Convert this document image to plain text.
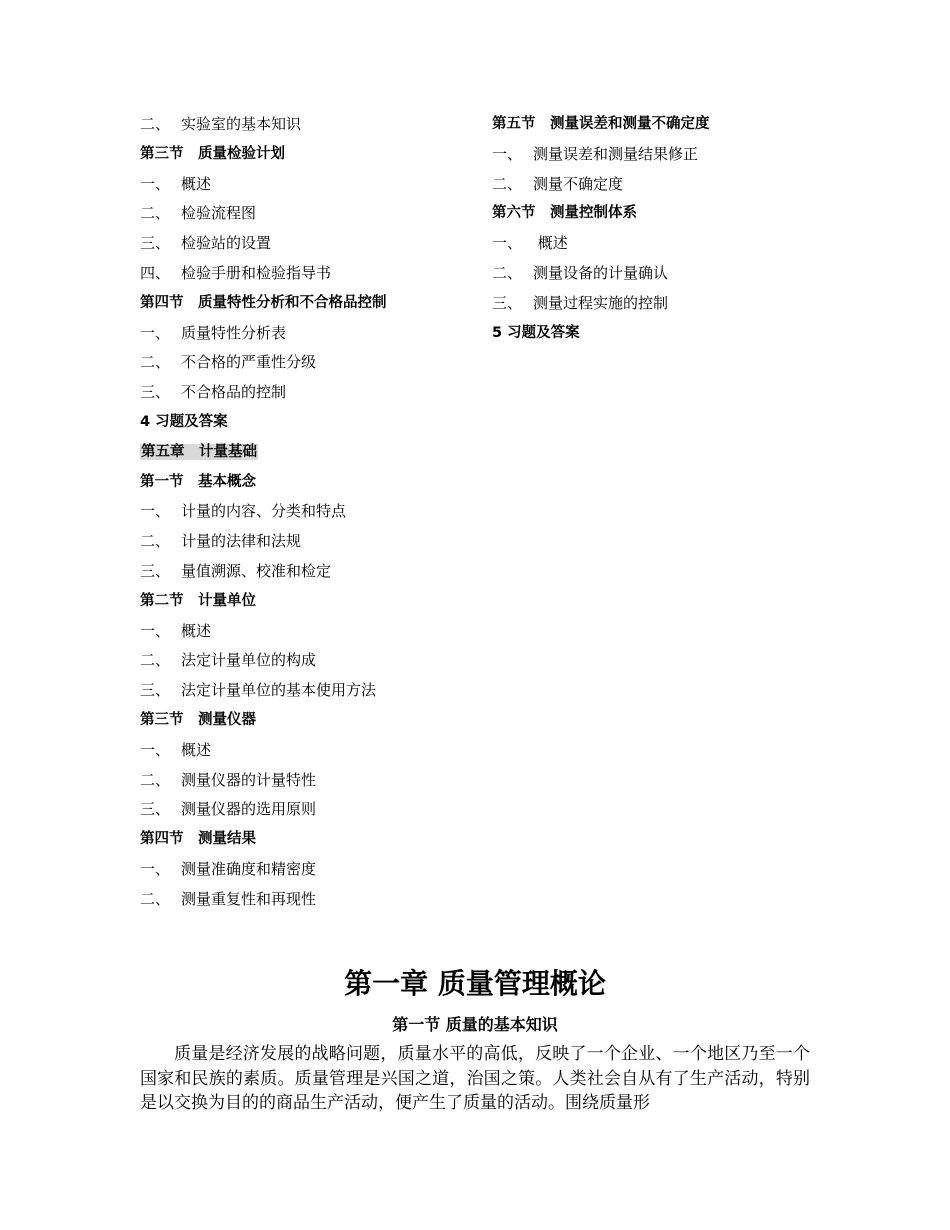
二、 实验室的基本知识
第三节　质量检验计划
一、 概述
二、 检验流程图
三、 检验站的设置
四、 检验手册和检验指导书
第四节　质量特性分析和不合格品控制
一、 质量特性分析表
二、 不合格的严重性分级
三、 不合格品的控制
4 习题及答案
第五章　计量基础
第一节　基本概念
一、 计量的内容、分类和特点
二、 计量的法律和法规
三、 量值溯源、校准和检定
第二节　计量单位
一、 概述
二、 法定计量单位的构成
三、 法定计量单位的基本使用方法
第三节　测量仪器
一、 概述
二、 测量仪器的计量特性
三、 测量仪器的选用原则
第四节　测量结果
一、 测量准确度和精密度
二、 测量重复性和再现性
第五节　测量误差和测量不确定度
一、 测量误差和测量结果修正
二、 测量不确定度
第六节　测量控制体系
一、 概述
二、 测量设备的计量确认
三、 测量过程实施的控制
5 习题及答案
第一章 质量管理概论
第一节 质量的基本知识

质量是经济发展的战略问题，质量水平的高低，反映了一个企业、一个地区乃至一个国家和民族的素质。质量管理是兴国之道，治国之策。人类社会自从有了生产活动，特别是以交换为目的的商品生产活动，便产生了质量的活动。围绕质量形
